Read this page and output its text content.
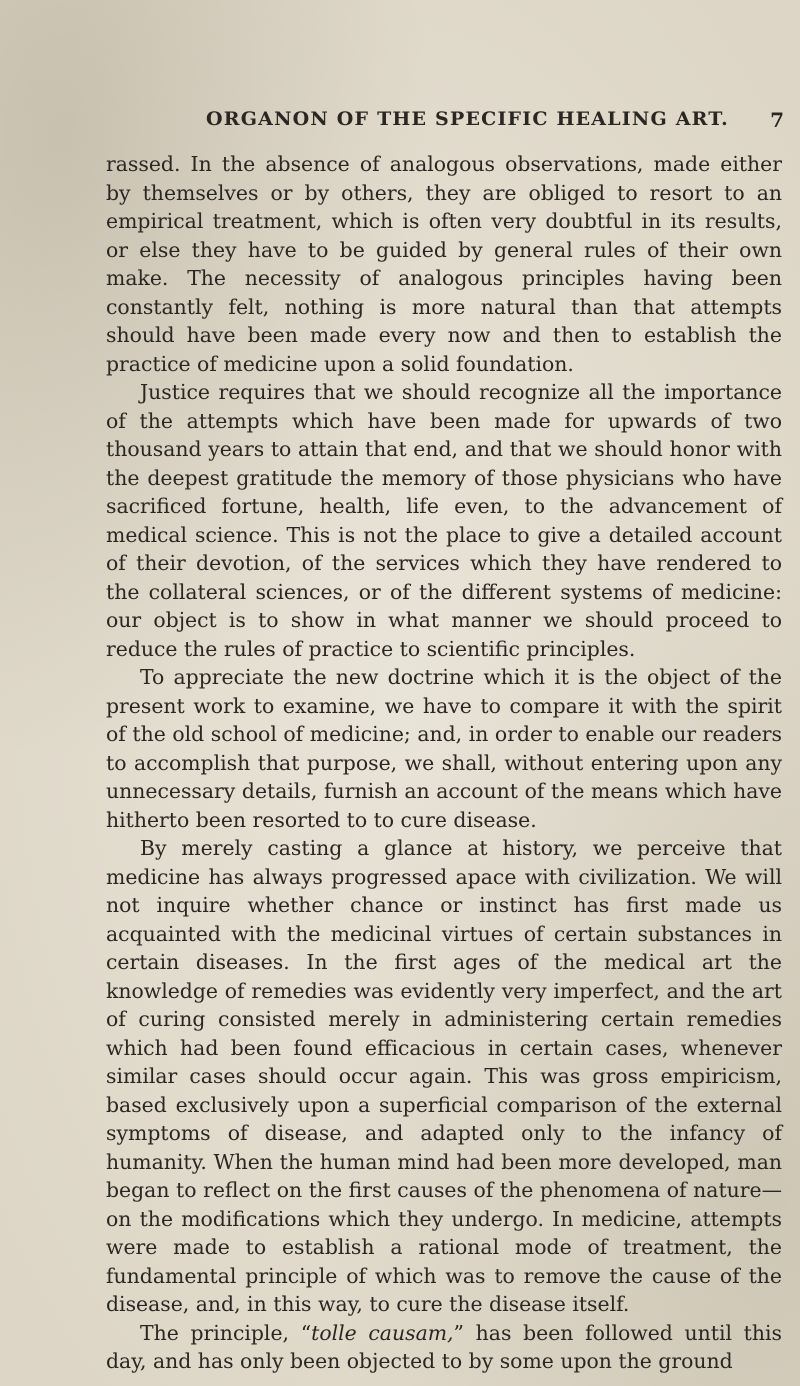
ORGANON OF THE SPECIFIC HEALING ART. 7

rassed. In the absence of analogous observations, made either by themselves or by others, they are obliged to resort to an empirical treatment, which is often very doubtful in its results, or else they have to be guided by general rules of their own make. The necessity of analogous principles having been constantly felt, nothing is more natural than that attempts should have been made every now and then to establish the practice of medicine upon a solid foundation.

Justice requires that we should recognize all the importance of the attempts which have been made for upwards of two thousand years to attain that end, and that we should honor with the deepest gratitude the memory of those physicians who have sacrificed fortune, health, life even, to the advancement of medical science. This is not the place to give a detailed account of their devotion, of the services which they have rendered to the collateral sciences, or of the different systems of medicine: our object is to show in what manner we should proceed to reduce the rules of practice to scientific principles.

To appreciate the new doctrine which it is the object of the present work to examine, we have to compare it with the spirit of the old school of medicine; and, in order to enable our readers to accomplish that purpose, we shall, without entering upon any unnecessary details, furnish an account of the means which have hitherto been resorted to to cure disease.

By merely casting a glance at history, we perceive that medicine has always progressed apace with civilization. We will not inquire whether chance or instinct has first made us acquainted with the medicinal virtues of certain substances in certain diseases. In the first ages of the medical art the knowledge of remedies was evidently very imperfect, and the art of curing consisted merely in administering certain remedies which had been found efficacious in certain cases, whenever similar cases should occur again. This was gross empiricism, based exclusively upon a superficial comparison of the external symptoms of disease, and adapted only to the infancy of humanity. When the human mind had been more developed, man began to reflect on the first causes of the phenomena of nature—on the modifications which they undergo. In medicine, attempts were made to establish a rational mode of treatment, the fundamental principle of which was to remove the cause of the disease, and, in this way, to cure the disease itself.

The principle, “tolle causam,” has been followed until this day, and has only been objected to by some upon the ground
